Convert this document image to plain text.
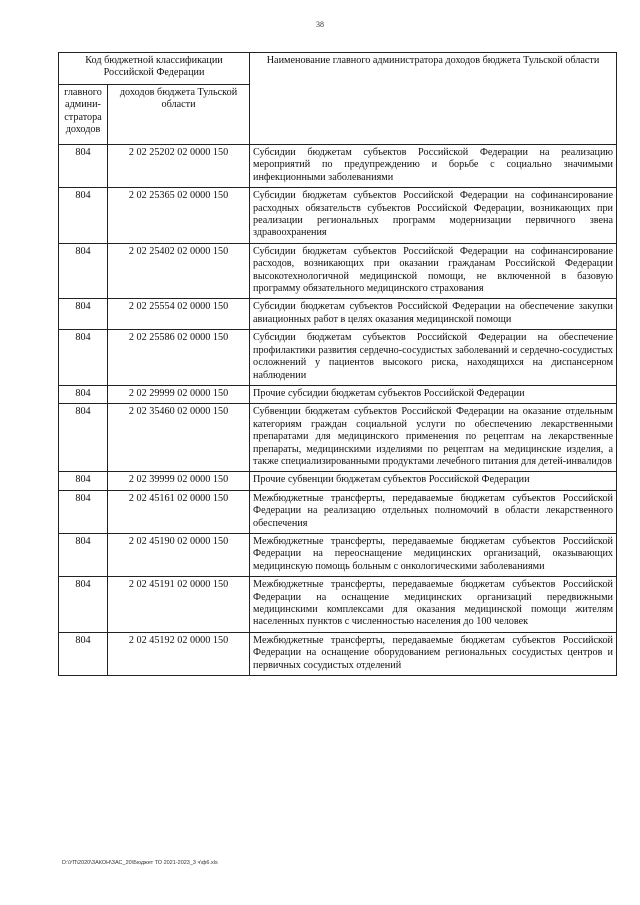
38
Код бюджетной классификации Российской Федерации		Наименование главного администратора доходов бюджета Тульской области
главного админи-стратора доходов	доходов бюджета Тульской области	
804	2 02 25202 02 0000 150	Субсидии бюджетам субъектов Российской Федерации на реализацию мероприятий по предупреждению и борьбе с социально значимыми инфекционными заболеваниями
804	2 02 25365 02 0000 150	Субсидии бюджетам субъектов Российской Федерации на софинансирование расходных обязательств субъектов Российской Федерации, возникающих при реализации региональных программ модернизации первичного звена здравоохранения
804	2 02 25402 02 0000 150	Субсидии бюджетам субъектов Российской Федерации на софинансирование расходов, возникающих при оказании гражданам Российской Федерации высокотехнологичной медицинской помощи, не включенной в базовую программу обязательного медицинского страхования
804	2 02 25554 02 0000 150	Субсидии бюджетам субъектов Российской Федерации на обеспечение закупки авиационных работ в целях оказания медицинской помощи
804	2 02 25586 02 0000 150	Субсидии бюджетам субъектов Российской Федерации на обеспечение профилактики развития сердечно-сосудистых заболеваний и сердечно-сосудистых осложнений у пациентов высокого риска, находящихся на диспансерном наблюдении
804	2 02 29999 02 0000 150	Прочие субсидии бюджетам субъектов Российской Федерации
804	2 02 35460 02 0000 150	Субвенции бюджетам субъектов Российской Федерации на оказание отдельным категориям граждан социальной услуги по обеспечению лекарственными препаратами для медицинского применения по рецептам на лекарственные препараты, медицинскими изделиями по рецептам на медицинские изделия, а также специализированными продуктами лечебного питания для детей-инвалидов
804	2 02 39999 02 0000 150	Прочие субвенции бюджетам субъектов Российской Федерации
804	2 02 45161 02 0000 150	Межбюджетные трансферты, передаваемые бюджетам субъектов Российской Федерации на реализацию отдельных полномочий в области лекарственного обеспечения
804	2 02 45190 02 0000 150	Межбюджетные трансферты, передаваемые бюджетам субъектов Российской Федерации на переоснащение медицинских организаций, оказывающих медицинскую помощь больным с онкологическими заболеваниями
804	2 02 45191 02 0000 150	Межбюджетные трансферты, передаваемые бюджетам субъектов Российской Федерации на оснащение медицинских организаций передвижными медицинскими комплексами для оказания медицинской помощи жителям населенных пунктов с численностью населения до 100 человек
804	2 02 45192 02 0000 150	Межбюджетные трансферты, передаваемые бюджетам субъектов Российской Федерации на оснащение оборудованием региональных сосудистых центров и первичных сосудистых отделений
D:\УП\2020\ЗАКОН\ЗАС_20\Бюджет ТО 2021-2023_3 ч\ф6.xls
